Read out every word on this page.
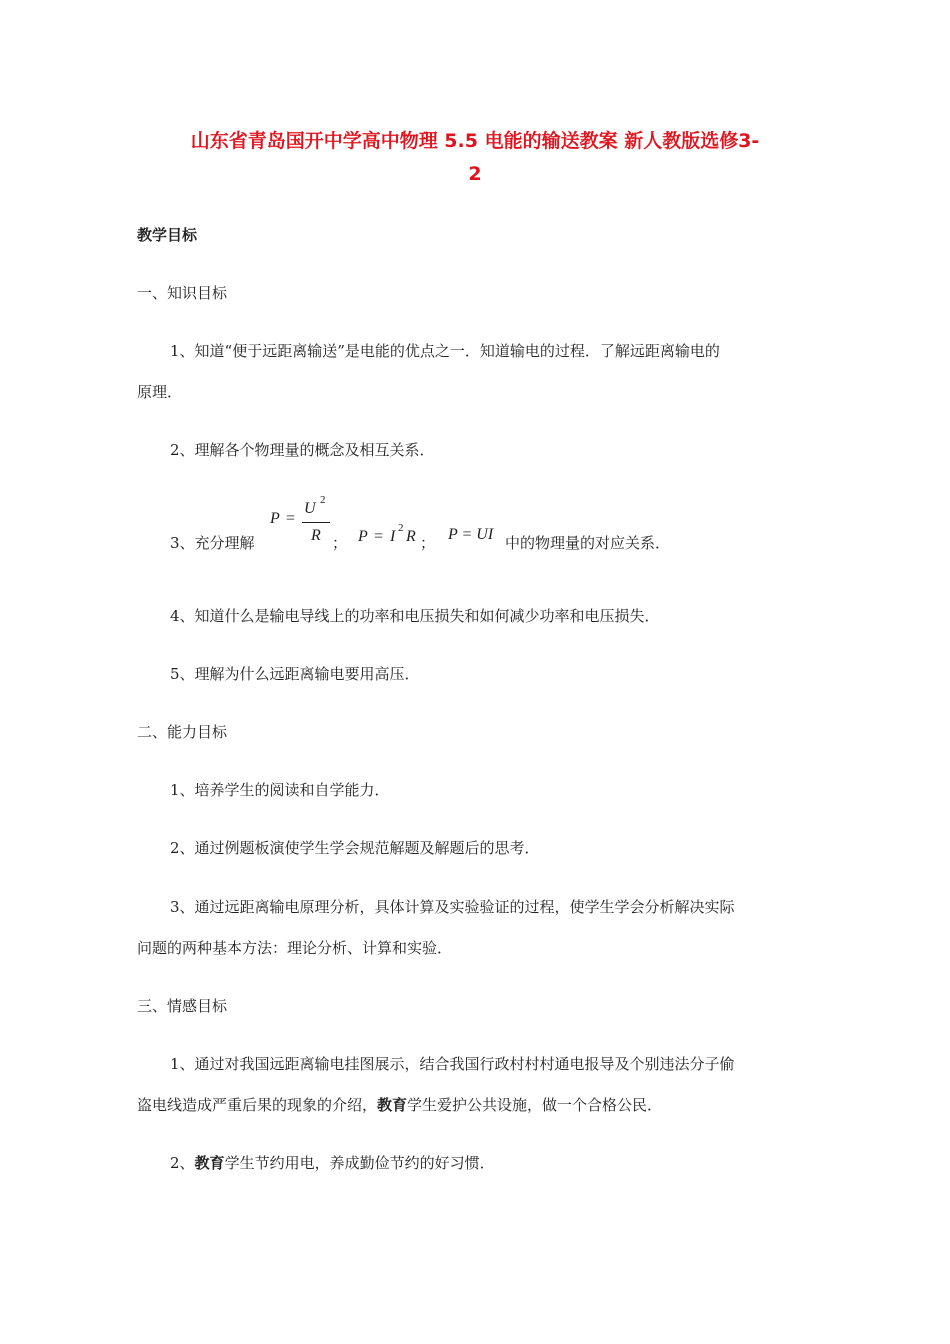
山东省青岛国开中学高中物理 5.5 电能的输送教案 新人教版选修3-
2
教学目标
一、知识目标
1、知道“便于远距离输送”是电能的优点之一．知道输电的过程．了解远距离输电的
原理．
2、理解各个物理量的概念及相互关系．
3、充分理解
P =
U 2
R ； P = I 2 R ； P = UI 中的物理量的对应关系．
4、知道什么是输电导线上的功率和电压损失和如何减少功率和电压损失．
5、理解为什么远距离输电要用高压．
二、能力目标
1、培养学生的阅读和自学能力．
2、通过例题板演使学生学会规范解题及解题后的思考．
3、通过远距离输电原理分析，具体计算及实验验证的过程，使学生学会分析解决实际
问题的两种基本方法：理论分析、计算和实验．
三、情感目标
1、通过对我国远距离输电挂图展示，结合我国行政村村村通电报导及个别违法分子偷
盗电线造成严重后果的现象的介绍，教育学生爱护公共设施，做一个合格公民．
2、教育学生节约用电，养成勤俭节约的好习惯．
